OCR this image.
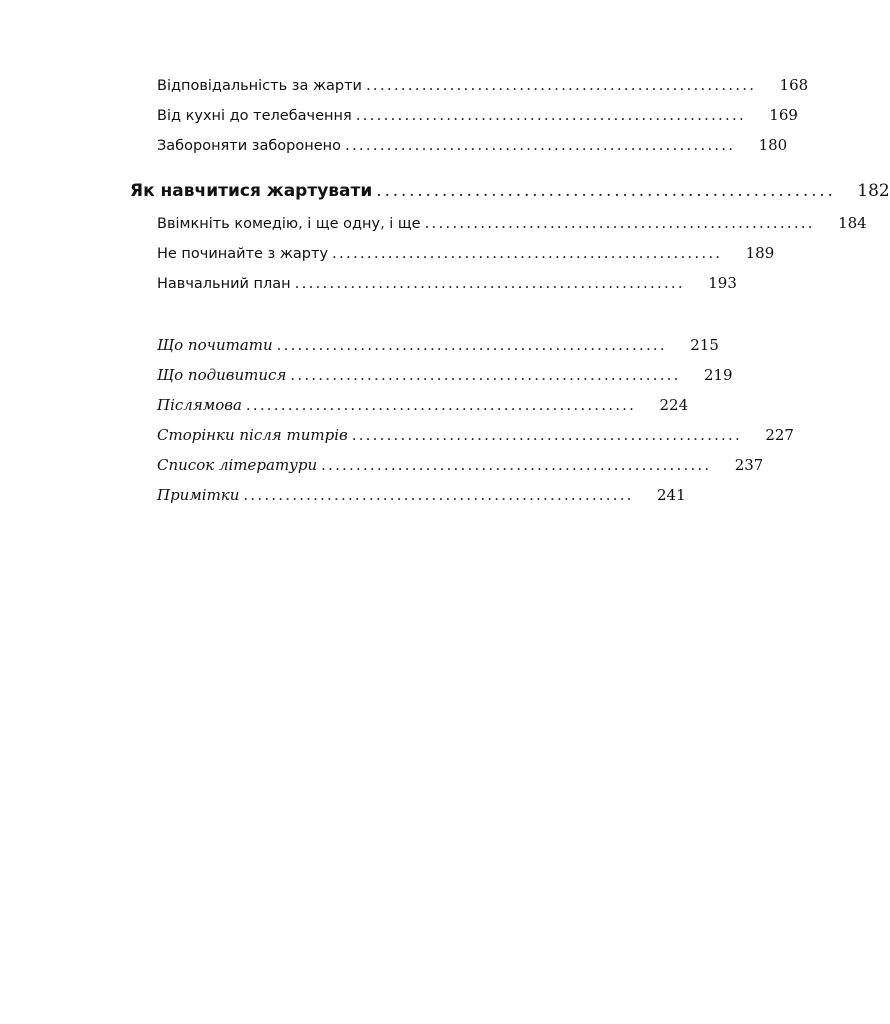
Відповідальність за жарти ........................................................	168
Від кухні до телебачення ........................................................	169
Забороняти заборонено ........................................................	180
Як навчитися жартувати ........................................................	182
Ввімкніть комедію, і ще одну, і ще ........................................................	184
Не починайте з жарту ........................................................	189
Навчальний план ........................................................	193
Що почитати ........................................................	215
Що подивитися ........................................................	219
Післямова ........................................................	224
Сторінки після титрів ........................................................	227
Список літератури ........................................................	237
Примітки ........................................................	241
